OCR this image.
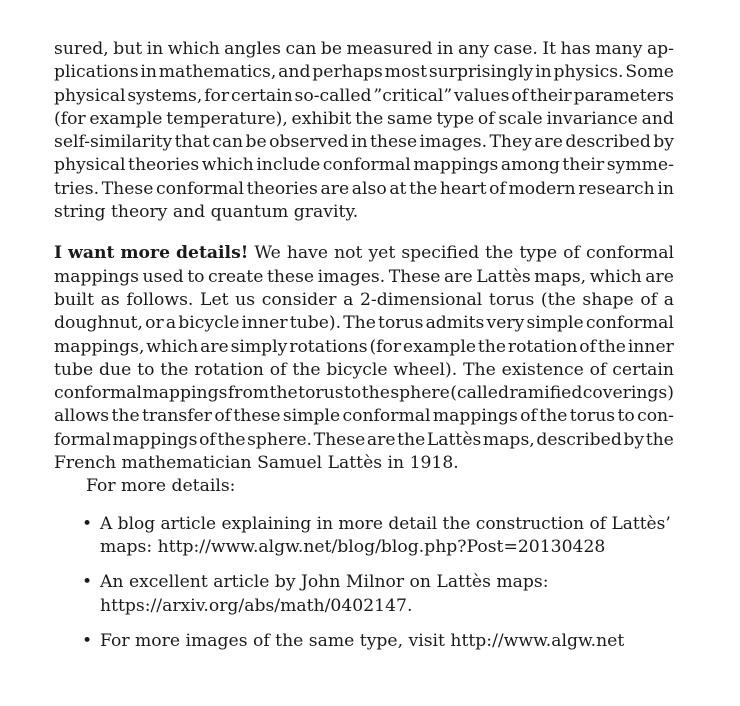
sured, but in which angles can be measured in any case. It has many ap-
plications in mathematics, and perhaps most surprisingly in physics. Some
physical systems, for certain so-called ”critical” values of their parameters
(for example temperature), exhibit the same type of scale invariance and
self-similarity that can be observed in these images. They are described by
physical theories which include conformal mappings among their symme-
tries. These conformal theories are also at the heart of modern research in
string theory and quantum gravity.
I want more details! We have not yet specified the type of conformal
mappings used to create these images. These are Lattès maps, which are
built as follows. Let us consider a 2-dimensional torus (the shape of a
doughnut, or a bicycle inner tube). The torus admits very simple conformal
mappings, which are simply rotations (for example the rotation of the inner
tube due to the rotation of the bicycle wheel). The existence of certain
conformal mappings from the torus to the sphere (called ramified coverings)
allows the transfer of these simple conformal mappings of the torus to con-
formal mappings of the sphere. These are the Lattès maps, described by the
French mathematician Samuel Lattès in 1918.
For more details:
• A blog article explaining in more detail the construction of Lattès’
maps: http://www.algw.net/blog/blog.php?Post=20130428
• An excellent article by John Milnor on Lattès maps:
https://arxiv.org/abs/math/0402147.
• For more images of the same type, visit http://www.algw.net
